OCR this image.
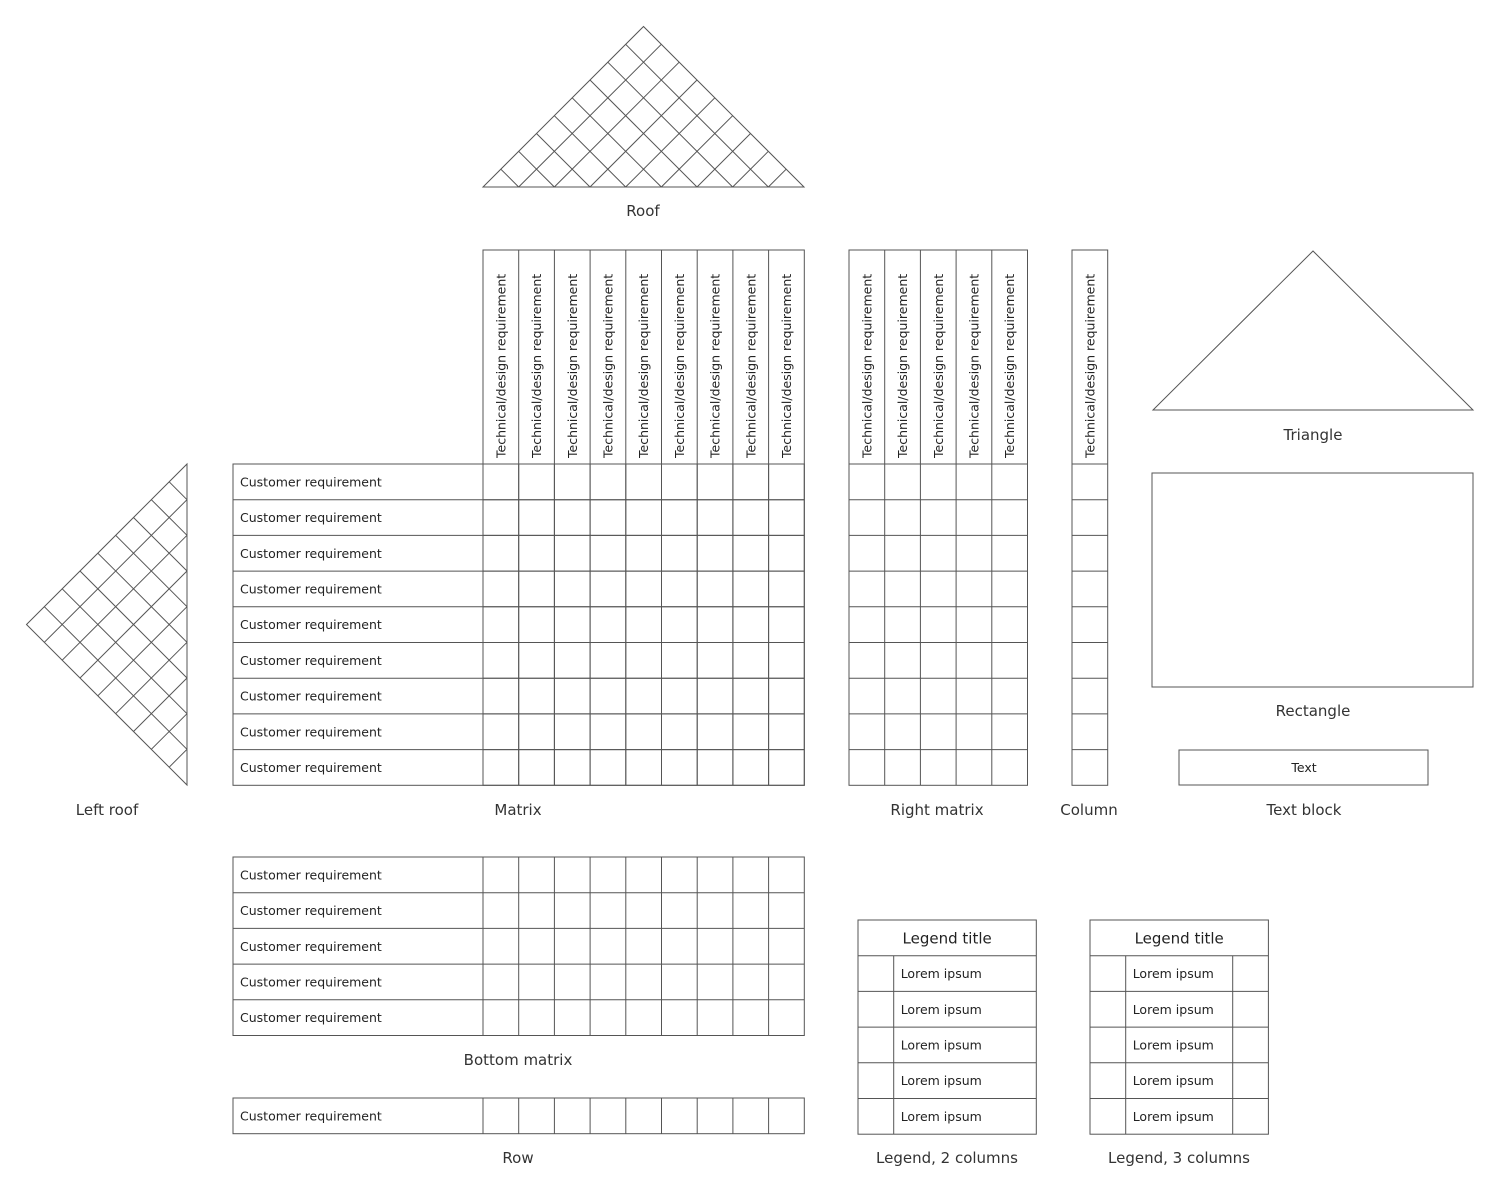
Roof
Left roof
Technical/design requirement Technical/design requirement Technical/design requirement Technical/design requirement Technical/design requirement Technical/design requirement Technical/design requirement Technical/design requirement Technical/design requirement
Customer requirement
Customer requirement
Customer requirement
Customer requirement
Customer requirement
Customer requirement
Customer requirement
Customer requirement
Customer requirement
Matrix
Technical/design requirement Technical/design requirement Technical/design requirement Technical/design requirement Technical/design requirement
Right matrix
Technical/design requirement
Column
Triangle
Rectangle
Text
Text block
Customer requirement
Customer requirement
Customer requirement
Customer requirement
Customer requirement
Bottom matrix
Customer requirement
Row
Legend title
Lorem ipsum
Lorem ipsum
Lorem ipsum
Lorem ipsum
Lorem ipsum
Legend, 2 columns
Legend title
Lorem ipsum
Lorem ipsum
Lorem ipsum
Lorem ipsum
Lorem ipsum
Legend, 3 columns
